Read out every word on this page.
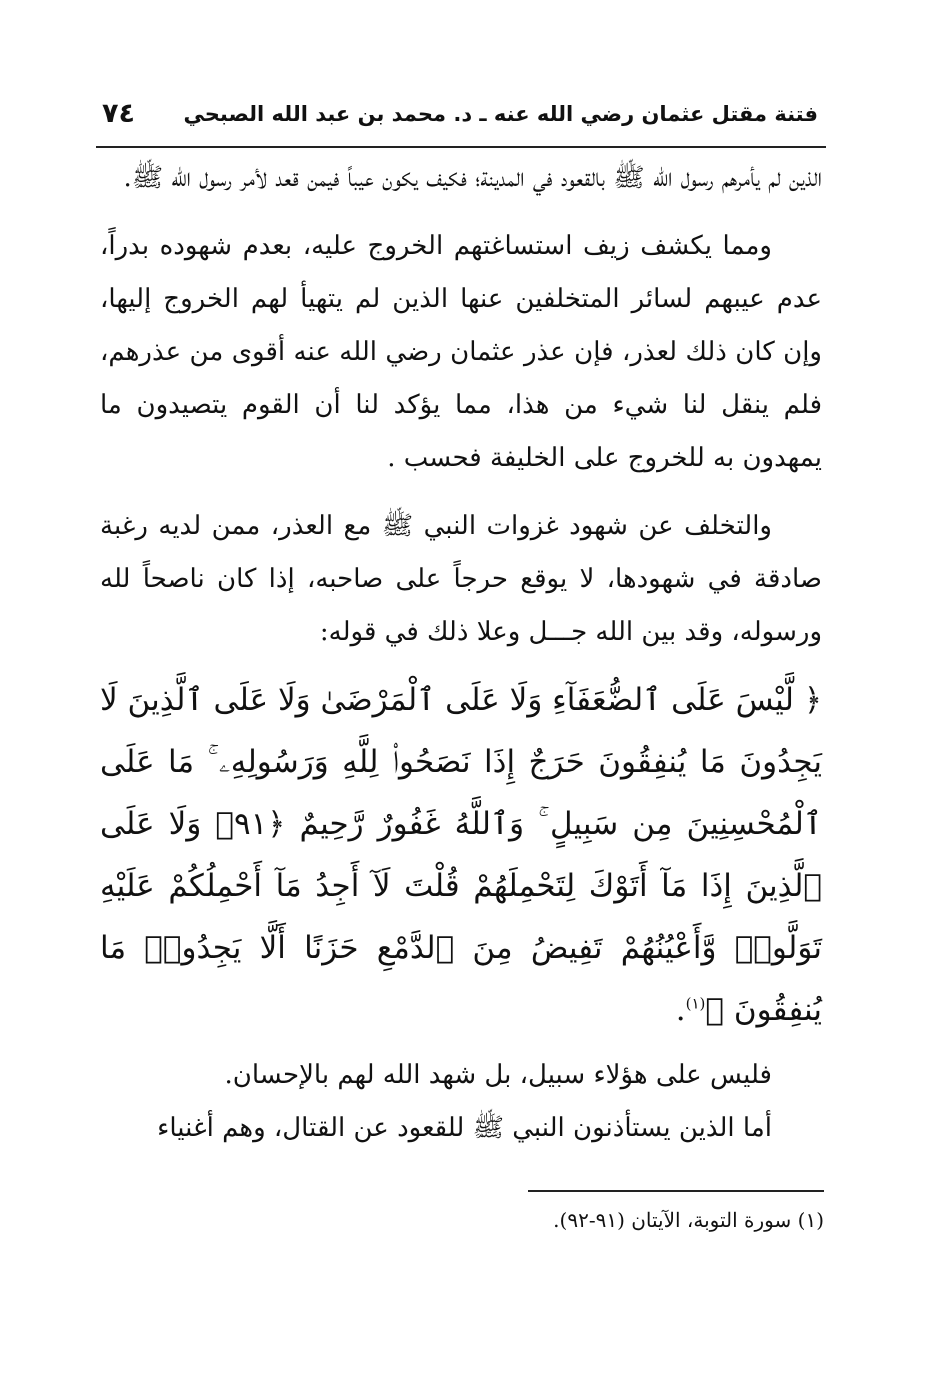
فتنة مقتل عثمان رضي الله عنه ـ د. محمد بن عبد الله الصبحي
٧٤

الذين لم يأمرهم رسول الله ﷺ بالقعود في المدينة؛ فكيف يكون عيباً فيمن قعد لأمر رسول الله ﷺ.

ومما يكشف زيف استساغتهم الخروج عليه، بعدم شهوده بدراً، عدم عيبهم لسائر المتخلفين عنها الذين لم يتهيأ لهم الخروج إليها، وإن كان ذلك لعذر، فإن عذر عثمان رضي الله عنه أقوى من عذرهم، فلم ينقل لنا شيء من هذا، مما يؤكد لنا أن القوم يتصيدون ما يمهدون به للخروج على الخليفة فحسب .

والتخلف عن شهود غزوات النبي ﷺ مع العذر، ممن لديه رغبة صادقة في شهودها، لا يوقع حرجاً على صاحبه، إذا كان ناصحاً لله ورسوله، وقد بين الله جـــل وعلا ذلك في قوله:

﴿ لَّيْسَ عَلَى ٱلضُّعَفَآءِ وَلَا عَلَى ٱلْمَرْضَىٰ وَلَا عَلَى ٱلَّذِينَ لَا يَجِدُونَ مَا يُنفِقُونَ حَرَجٌ إِذَا نَصَحُوا۟ لِلَّهِ وَرَسُولِهِۦ ۚ مَا عَلَى ٱلْمُحْسِنِينَ مِن سَبِيلٍ ۚ وَٱللَّهُ غَفُورٌ رَّحِيمٌ ﴿٩١﴾ وَلَا عَلَى ٱلَّذِينَ إِذَا مَآ أَتَوْكَ لِتَحْمِلَهُمْ قُلْتَ لَآ أَجِدُ مَآ أَحْمِلُكُمْ عَلَيْهِ تَوَلَّوا۟ وَّأَعْيُنُهُمْ تَفِيضُ مِنَ ٱلدَّمْعِ حَزَنًا أَلَّا يَجِدُوا۟ مَا يُنفِقُونَ ﴾$^{(١)}$.

فليس على هؤلاء سبيل، بل شهد الله لهم بالإحسان.

أما الذين يستأذنون النبي ﷺ للقعود عن القتال، وهم أغنياء

(١) سورة التوبة، الآيتان (٩١-٩٢).
